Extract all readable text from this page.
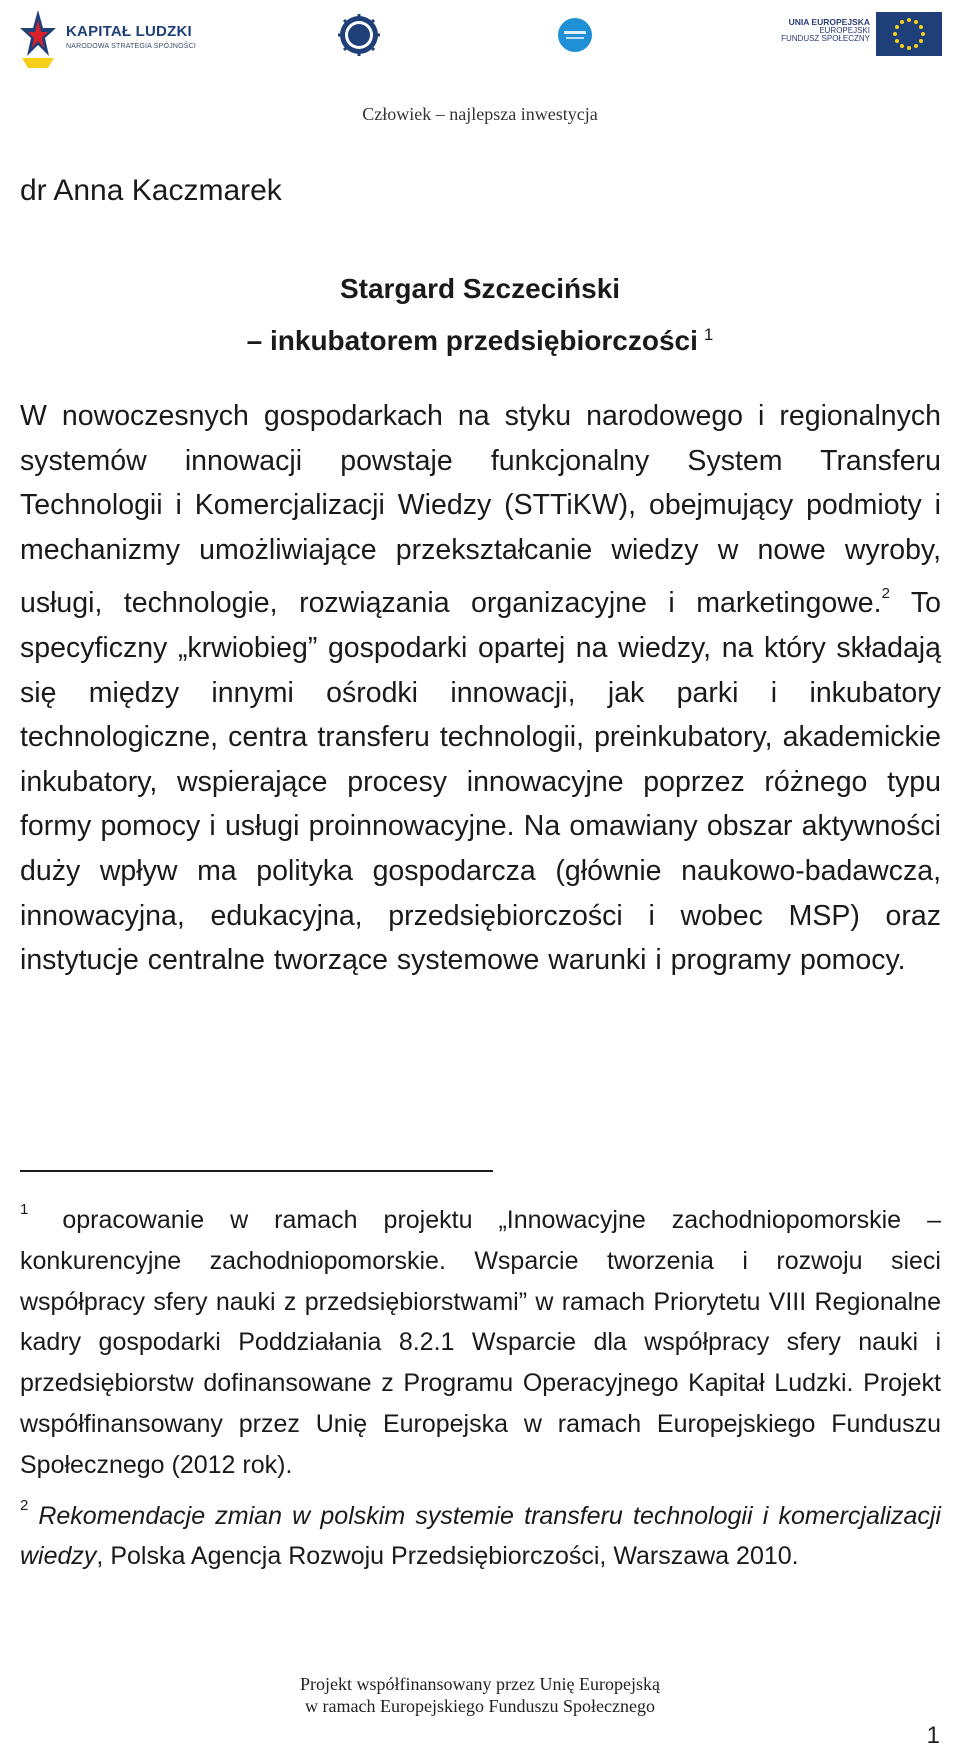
KAPITAŁ LUDZKI
NARODOWA STRATEGIA SPÓJNOŚCI
UNIA EUROPEJSKA
EUROPEJSKI
FUNDUSZ SPOŁECZNY
Człowiek – najlepsza inwestycja
dr Anna Kaczmarek
Stargard Szczeciński
– inkubatorem przedsiębiorczości $^1$

W nowoczesnych gospodarkach na styku narodowego i regionalnych systemów innowacji powstaje funkcjonalny System Transferu Technologii i Komercjalizacji Wiedzy (STTiKW), obejmujący podmioty i mechanizmy umożliwiające przekształcanie wiedzy w nowe wyroby, usługi, technologie, rozwiązania organizacyjne i marketingowe.$^2$ To specyficzny „krwiobieg” gospodarki opartej na wiedzy, na który składają się między innymi ośrodki innowacji, jak parki i inkubatory technologiczne, centra transferu technologii, preinkubatory, akademickie inkubatory, wspierające procesy innowacyjne poprzez różnego typu formy pomocy i usługi proinnowacyjne. Na omawiany obszar aktywności duży wpływ ma polityka gospodarcza (głównie naukowo-badawcza, innowacyjna, edukacyjna, przedsiębiorczości i wobec MSP) oraz instytucje centralne tworzące systemowe warunki i programy pomocy.

$^1$ opracowanie w ramach projektu „Innowacyjne zachodniopomorskie – konkurencyjne zachodniopomorskie. Wsparcie tworzenia i rozwoju sieci współpracy sfery nauki z przedsiębiorstwami” w ramach Priorytetu VIII Regionalne kadry gospodarki Poddziałania 8.2.1 Wsparcie dla współpracy sfery nauki i przedsiębiorstw dofinansowane z Programu Operacyjnego Kapitał Ludzki. Projekt współfinansowany przez Unię Europejska w ramach Europejskiego Funduszu Społecznego (2012 rok).

$^2$ Rekomendacje zmian w polskim systemie transferu technologii i komercjalizacji wiedzy, Polska Agencja Rozwoju Przedsiębiorczości, Warszawa 2010.

Projekt współfinansowany przez Unię Europejską
w ramach Europejskiego Funduszu Społecznego
1
